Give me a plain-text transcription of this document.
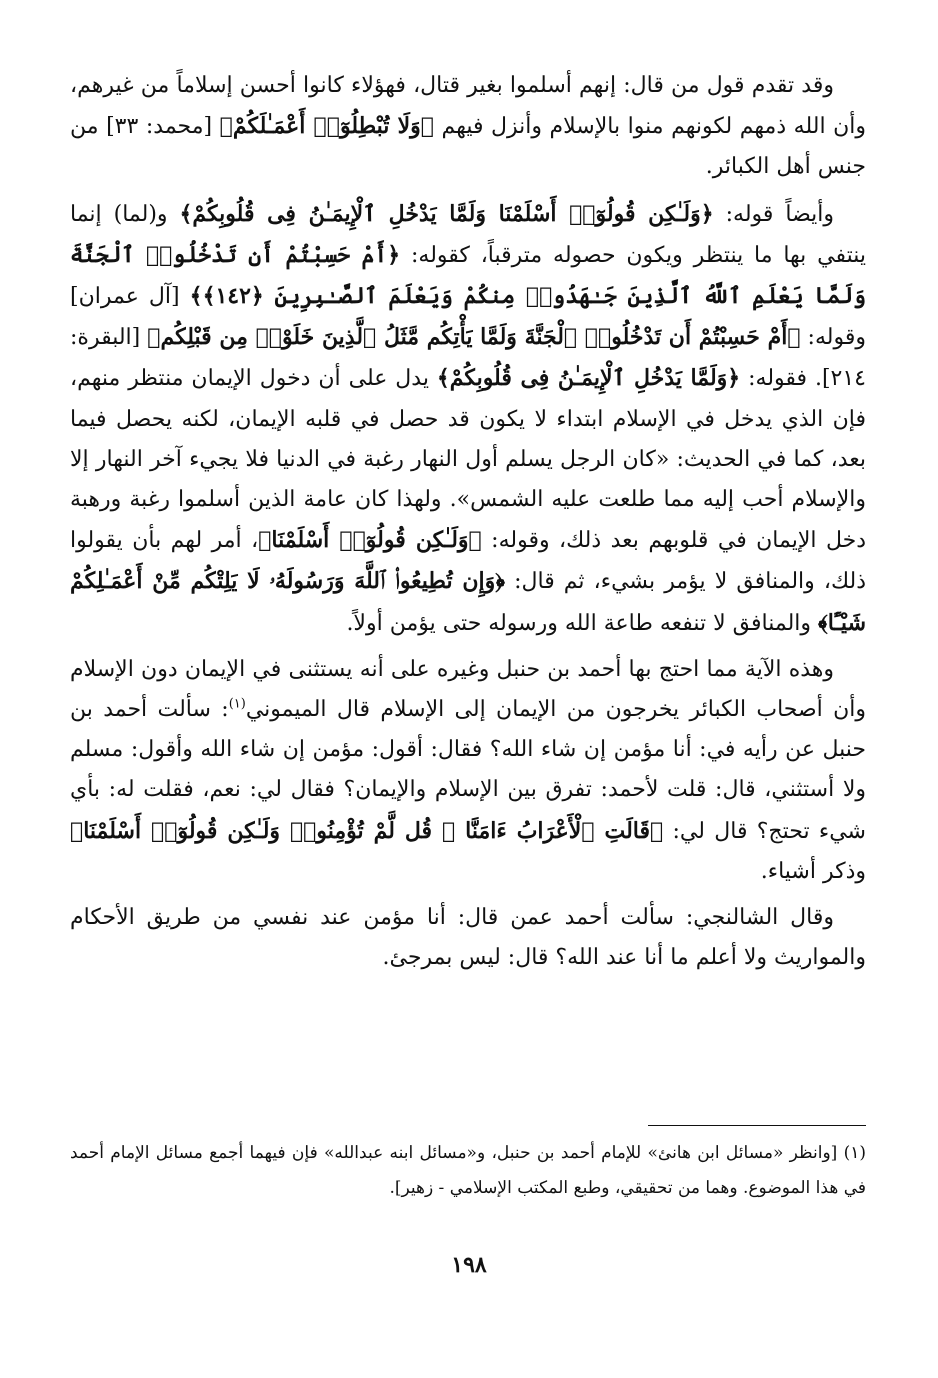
وقد تقدم قول من قال: إنهم أسلموا بغير قتال، فهؤلاء كانوا أحسن إسلاماً من غيرهم، وأن الله ذمهم لكونهم منوا بالإسلام وأنزل فيهم ﴿وَلَا تُبْطِلُوٓا۟ أَعْمَـٰلَكُمْ﴾ [محمد: ٣٣] من جنس أهل الكبائر.

وأيضاً قوله: ﴿وَلَـٰكِن قُولُوٓا۟ أَسْلَمْنَا وَلَمَّا يَدْخُلِ ٱلْإِيمَـٰنُ فِى قُلُوبِكُمْ﴾ و(لما) إنما ينتفي بها ما ينتظر ويكون حصوله مترقباً، كقوله: ﴿أَمْ حَسِبْتُمْ أَن تَدْخُلُوا۟ ٱلْجَنَّةَ وَلَمَّا يَعْلَمِ ٱللَّهُ ٱلَّذِينَ جَـٰهَدُوا۟ مِنكُمْ وَيَعْلَمَ ٱلصَّـٰبِرِينَ ﴿١٤٢﴾﴾ [آل عمران] وقوله: ﴿أَمْ حَسِبْتُمْ أَن تَدْخُلُوا۟ ٱلْجَنَّةَ وَلَمَّا يَأْتِكُم مَّثَلُ ٱلَّذِينَ خَلَوْا۟ مِن قَبْلِكُم﴾ [البقرة: ٢١٤]. فقوله: ﴿وَلَمَّا يَدْخُلِ ٱلْإِيمَـٰنُ فِى قُلُوبِكُمْ﴾ يدل على أن دخول الإيمان منتظر منهم، فإن الذي يدخل في الإسلام ابتداء لا يكون قد حصل في قلبه الإيمان، لكنه يحصل فيما بعد، كما في الحديث: «كان الرجل يسلم أول النهار رغبة في الدنيا فلا يجيء آخر النهار إلا والإسلام أحب إليه مما طلعت عليه الشمس». ولهذا كان عامة الذين أسلموا رغبة ورهبة دخل الإيمان في قلوبهم بعد ذلك، وقوله: ﴿وَلَـٰكِن قُولُوٓا۟ أَسْلَمْنَا﴾، أمر لهم بأن يقولوا ذلك، والمنافق لا يؤمر بشيء، ثم قال: ﴿وَإِن تُطِيعُوا۟ ٱللَّهَ وَرَسُولَهُۥ لَا يَلِتْكُم مِّنْ أَعْمَـٰلِكُمْ شَيْـًٔا﴾ والمنافق لا تنفعه طاعة الله ورسوله حتى يؤمن أولاً.

وهذه الآية مما احتج بها أحمد بن حنبل وغيره على أنه يستثنى في الإيمان دون الإسلام وأن أصحاب الكبائر يخرجون من الإيمان إلى الإسلام قال الميموني$^{(١)}$: سألت أحمد بن حنبل عن رأيه في: أنا مؤمن إن شاء الله؟ فقال: أقول: مؤمن إن شاء الله وأقول: مسلم ولا أستثني، قال: قلت لأحمد: تفرق بين الإسلام والإيمان؟ فقال لي: نعم، فقلت له: بأي شيء تحتج؟ قال لي: ﴿قَالَتِ ٱلْأَعْرَابُ ءَامَنَّا ۖ قُل لَّمْ تُؤْمِنُوا۟ وَلَـٰكِن قُولُوٓا۟ أَسْلَمْنَا﴾ وذكر أشياء.

وقال الشالنجي: سألت أحمد عمن قال: أنا مؤمن عند نفسي من طريق الأحكام والمواريث ولا أعلم ما أنا عند الله؟ قال: ليس بمرجئ.

(١) [وانظر «مسائل ابن هانئ» للإمام أحمد بن حنبل، و«مسائل ابنه عبدالله» فإن فيهما أجمع مسائل الإمام أحمد في هذا الموضوع. وهما من تحقيقي، وطبع المكتب الإسلامي - زهير].

١٩٨
